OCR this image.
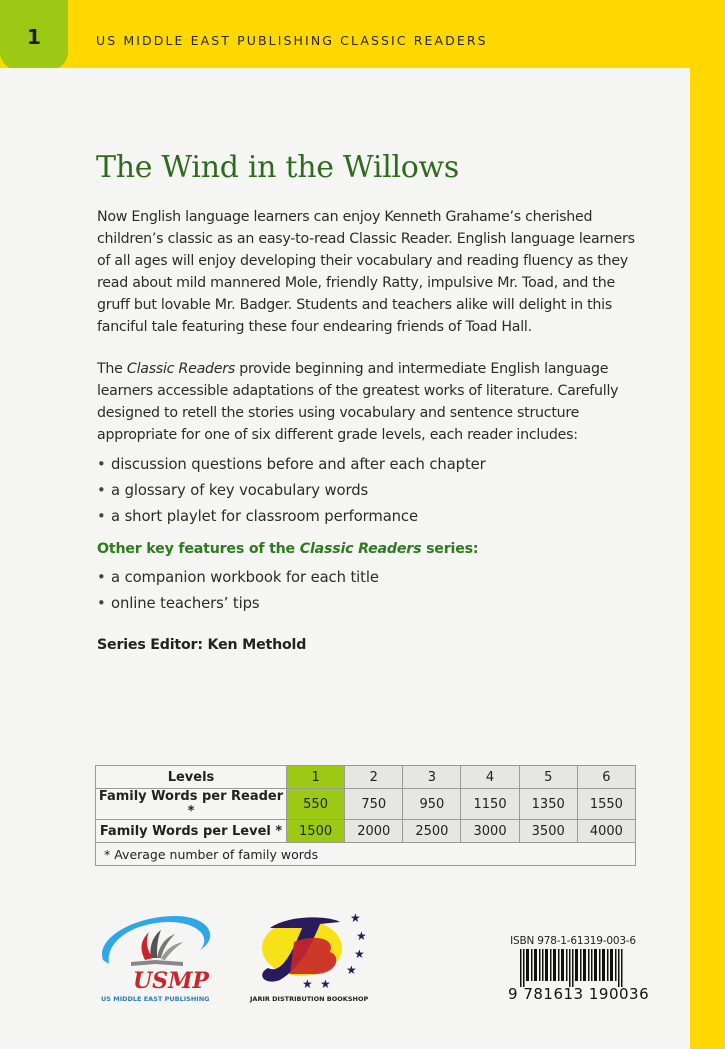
1	US MIDDLE EAST PUBLISHING CLASSIC READERS
The Wind in the Willows

Now English language learners can enjoy Kenneth Grahame’s cherished children’s classic as an easy-to-read Classic Reader. English language learners of all ages will enjoy developing their vocabulary and reading fluency as they read about mild mannered Mole, friendly Ratty, impulsive Mr. Toad, and the gruff but lovable Mr. Badger. Students and teachers alike will delight in this fanciful tale featuring these four endearing friends of Toad Hall.

The Classic Readers provide beginning and intermediate English language learners accessible adaptations of the greatest works of literature. Carefully designed to retell the stories using vocabulary and sentence structure appropriate for one of six different grade levels, each reader includes:

• discussion questions before and after each chapter
• a glossary of key vocabulary words
• a short playlet for classroom performance
Other key features of the Classic Readers series:
• a companion workbook for each title
• online teachers’ tips
Series Editor: Ken Methold
Levels	1	2	3	4	5	6
Family Words per Reader *	550	750	950	1150	1350	1550
Family Words per Level *	1500	2000	2500	3000	3500	4000
* Average number of family words						
USMP
US MIDDLE EAST PUBLISHING
★
★
★
★
★
★
JARIR DISTRIBUTION BOOKSHOP
ISBN 978-1-61319-003-6
9 781613 190036
